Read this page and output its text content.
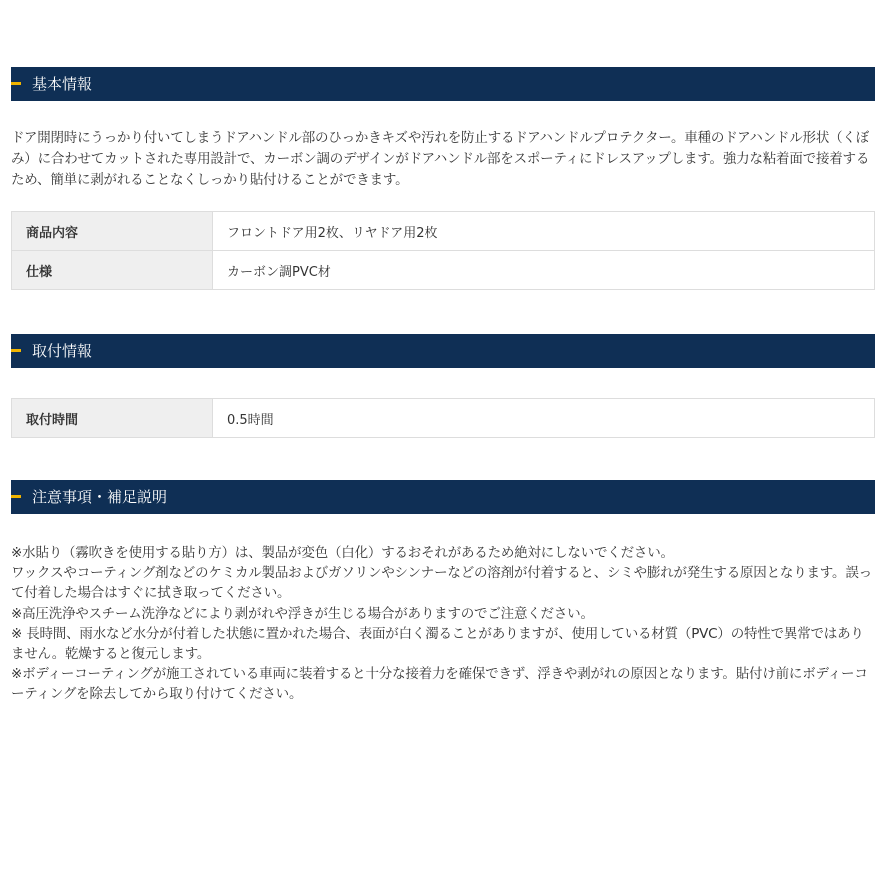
基本情報

ドア開閉時にうっかり付いてしまうドアハンドル部のひっかきキズや汚れを防止するドアハンドルプロテクター。車種のドアハンドル形状（くぼみ）に合わせてカットされた専用設計で、カーボン調のデザインがドアハンドル部をスポーティにドレスアップします。強力な粘着面で接着するため、簡単に剥がれることなくしっかり貼付けることができます。

商品内容	フロントドア用2枚、リヤドア用2枚
仕様	カーボン調PVC材
取付情報
取付時間	0.5時間
注意事項・補足説明

※水貼り（霧吹きを使用する貼り方）は、製品が変色（白化）するおそれがあるため絶対にしないでください。

ワックスやコーティング剤などのケミカル製品およびガソリンやシンナーなどの溶剤が付着すると、シミや膨れが発生する原因となります。誤って付着した場合はすぐに拭き取ってください。

※高圧洗浄やスチーム洗浄などにより剥がれや浮きが生じる場合がありますのでご注意ください。

※ 長時間、雨水など水分が付着した状態に置かれた場合、表面が白く濁ることがありますが、使用している材質（PVC）の特性で異常ではありません。乾燥すると復元します。

※ボディーコーティングが施工されている車両に装着すると十分な接着力を確保できず、浮きや剥がれの原因となります。貼付け前にボディーコーティングを除去してから取り付けてください。
